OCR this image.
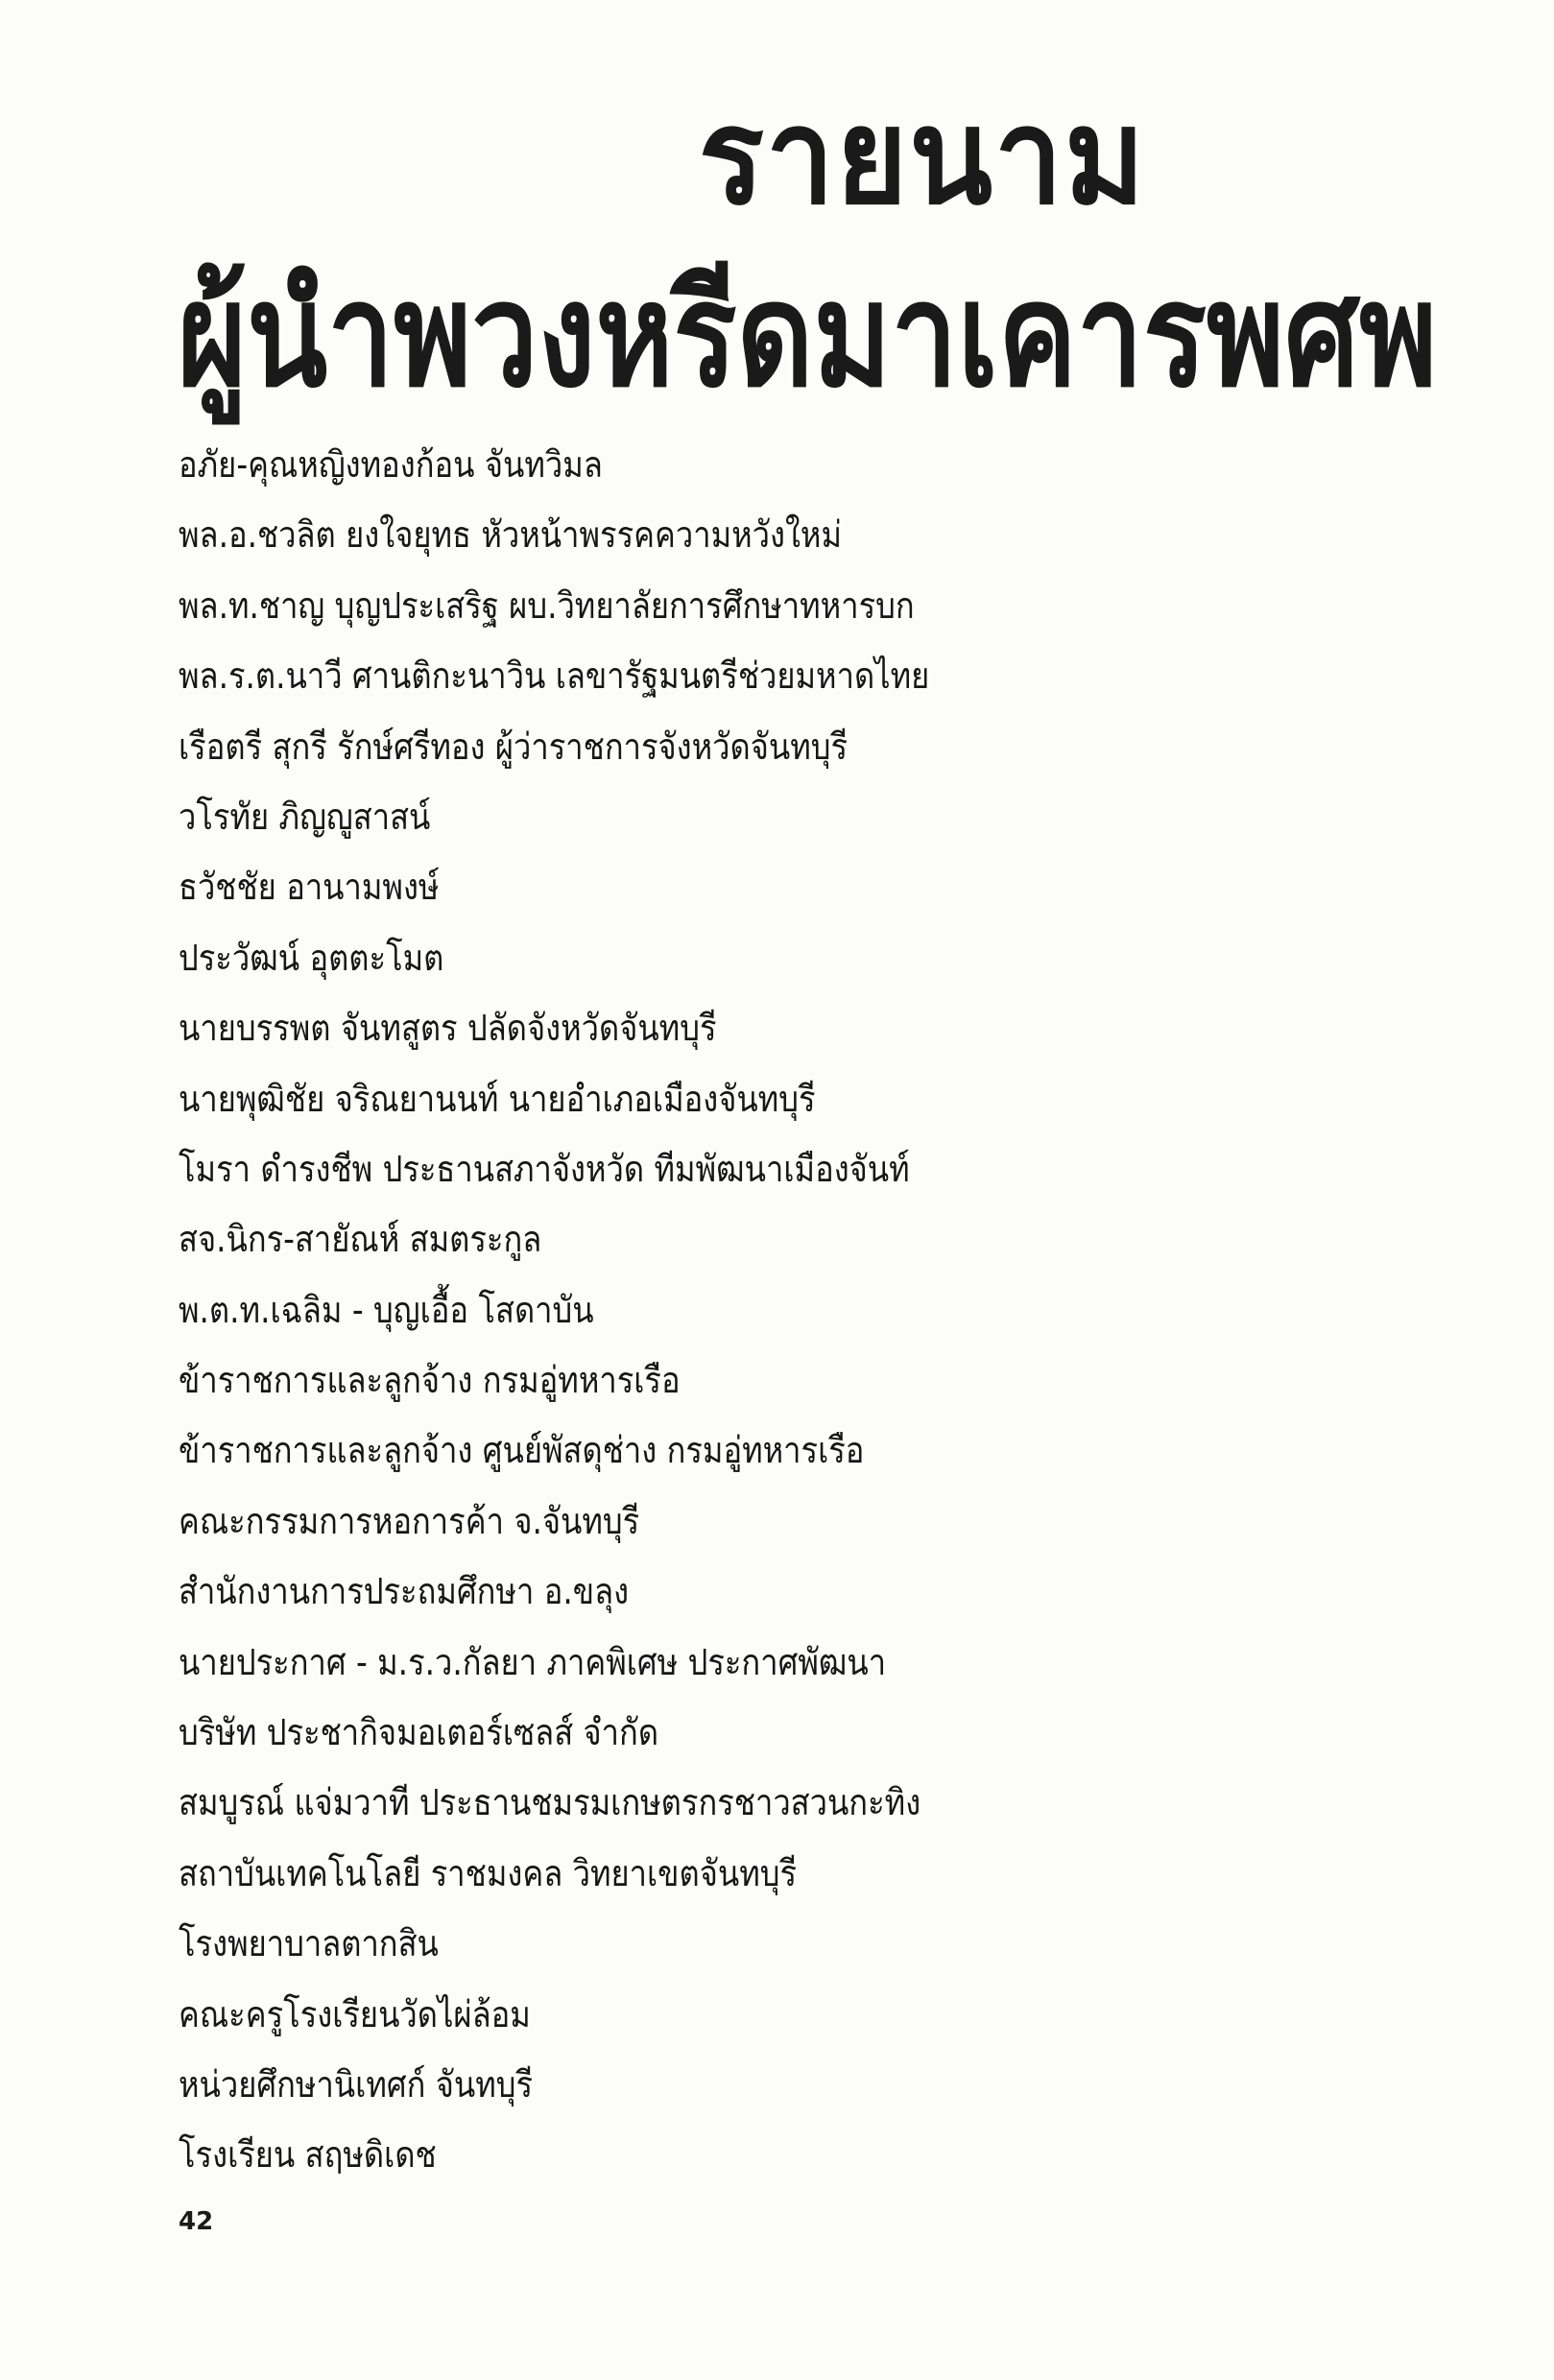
รายนาม
ผู้นำพวงหรีดมาเคารพศพ
อภัย-คุณหญิงทองก้อน จันทวิมล
พล.อ.ชวลิต ยงใจยุทธ หัวหน้าพรรคความหวังใหม่
พล.ท.ชาญ บุญประเสริฐ ผบ.วิทยาลัยการศึกษาทหารบก
พล.ร.ต.นาวี ศานติกะนาวิน เลขารัฐมนตรีช่วยมหาดไทย
เรือตรี สุกรี รักษ์ศรีทอง ผู้ว่าราชการจังหวัดจันทบุรี
วโรทัย ภิญญูสาสน์
ธวัชชัย อานามพงษ์
ประวัฒน์ อุตตะโมต
นายบรรพต จันทสูตร ปลัดจังหวัดจันทบุรี
นายพุฒิชัย จริณยานนท์ นายอำเภอเมืองจันทบุรี
โมรา ดำรงชีพ ประธานสภาจังหวัด ทีมพัฒนาเมืองจันท์
สจ.นิกร-สายัณห์ สมตระกูล
พ.ต.ท.เฉลิม - บุญเอื้อ โสดาบัน
ข้าราชการและลูกจ้าง กรมอู่ทหารเรือ
ข้าราชการและลูกจ้าง ศูนย์พัสดุช่าง กรมอู่ทหารเรือ
คณะกรรมการหอการค้า จ.จันทบุรี
สำนักงานการประถมศึกษา อ.ขลุง
นายประกาศ - ม.ร.ว.กัลยา ภาคพิเศษ ประกาศพัฒนา
บริษัท ประชากิจมอเตอร์เซลส์ จำกัด
สมบูรณ์ แจ่มวาที ประธานชมรมเกษตรกรชาวสวนกะทิง
สถาบันเทคโนโลยี ราชมงคล วิทยาเขตจันทบุรี
โรงพยาบาลตากสิน
คณะครูโรงเรียนวัดไผ่ล้อม
หน่วยศึกษานิเทศก์ จันทบุรี
โรงเรียน สฤษดิเดช
42
